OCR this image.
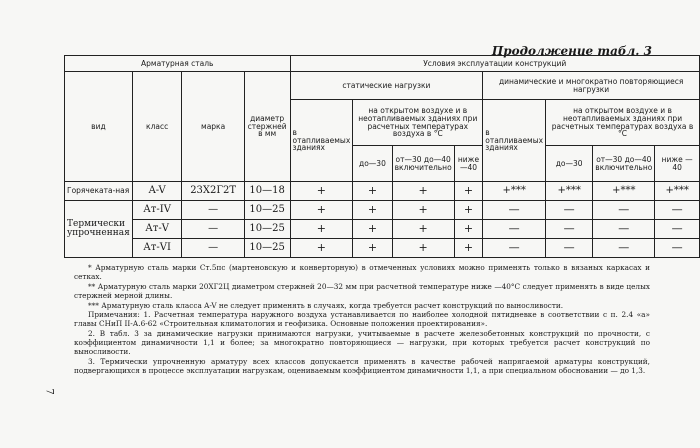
Продолжение табл. 3
Арматурная сталь				Условия эксплуатации конструкций							
вид	класс	марка	диаметр стержней в мм	статические нагрузки				динамические и многократно повторяющиеся нагрузки			
				в отапливаемых зданиях	на открытом воздухе и в неотапливаемых зданиях при расчетных температурах воздуха в °С			в отапливаемых зданиях	на открытом воздухе и в неотапливаемых зданиях при расчетных температурах воздуха в °С		
					до—30	от—30 до—40 включительно	ниже —40		до—30	от—30 до—40 включительно	ниже —40
Горячеката-ная	A-V	23Х2Г2Т	10—18	+	+	+	+	+***	+***	+***	+***
Термически упрочненная	Ат-IV	—	10—25	+	+	+	+	—	—	—	—
	Ат-V	—	10—25	+	+	+	+	—	—	—	—
	Ат-VI	—	10—25	+	+	+	+	—	—	—	—

* Арматурную сталь марки Ст.5пс (мартеновскую и конверторную) в отмеченных условиях можно применять только в вязаных каркасах и сетках.

** Арматурную сталь марки 20ХГ2Ц диаметром стержней 20—32 мм при расчетной температуре ниже —40°С следует применять в виде целых стержней мерной длины.

*** Арматурную сталь класса A-V не следует применять в случаях, когда требуется расчет конструкций по выносливости.

Примечания: 1. Расчетная температура наружного воздуха устанавливается по наиболее холодной пятидневке в соответствии с п. 2.4 «а» главы СНиП II-А.6-62 «Строительная климатология и геофизика. Основные положения проектирования».

2. В табл. 3 за динамические нагрузки принимаются нагрузки, учитываемые в расчете железобетонных конструкций по прочности, с коэффициентом динамичности 1,1 и более; за многократно повторяющиеся — нагрузки, при которых требуется расчет конструкций по выносливости.

3. Термически упрочненную арматуру всех классов допускается применять в качестве рабочей напрягаемой арматуры конструкций, подвергающихся в процессе эксплуатации нагрузкам, оцениваемым коэффициентом динамичности 1,1, а при специальном обосновании — до 1,3.

7
